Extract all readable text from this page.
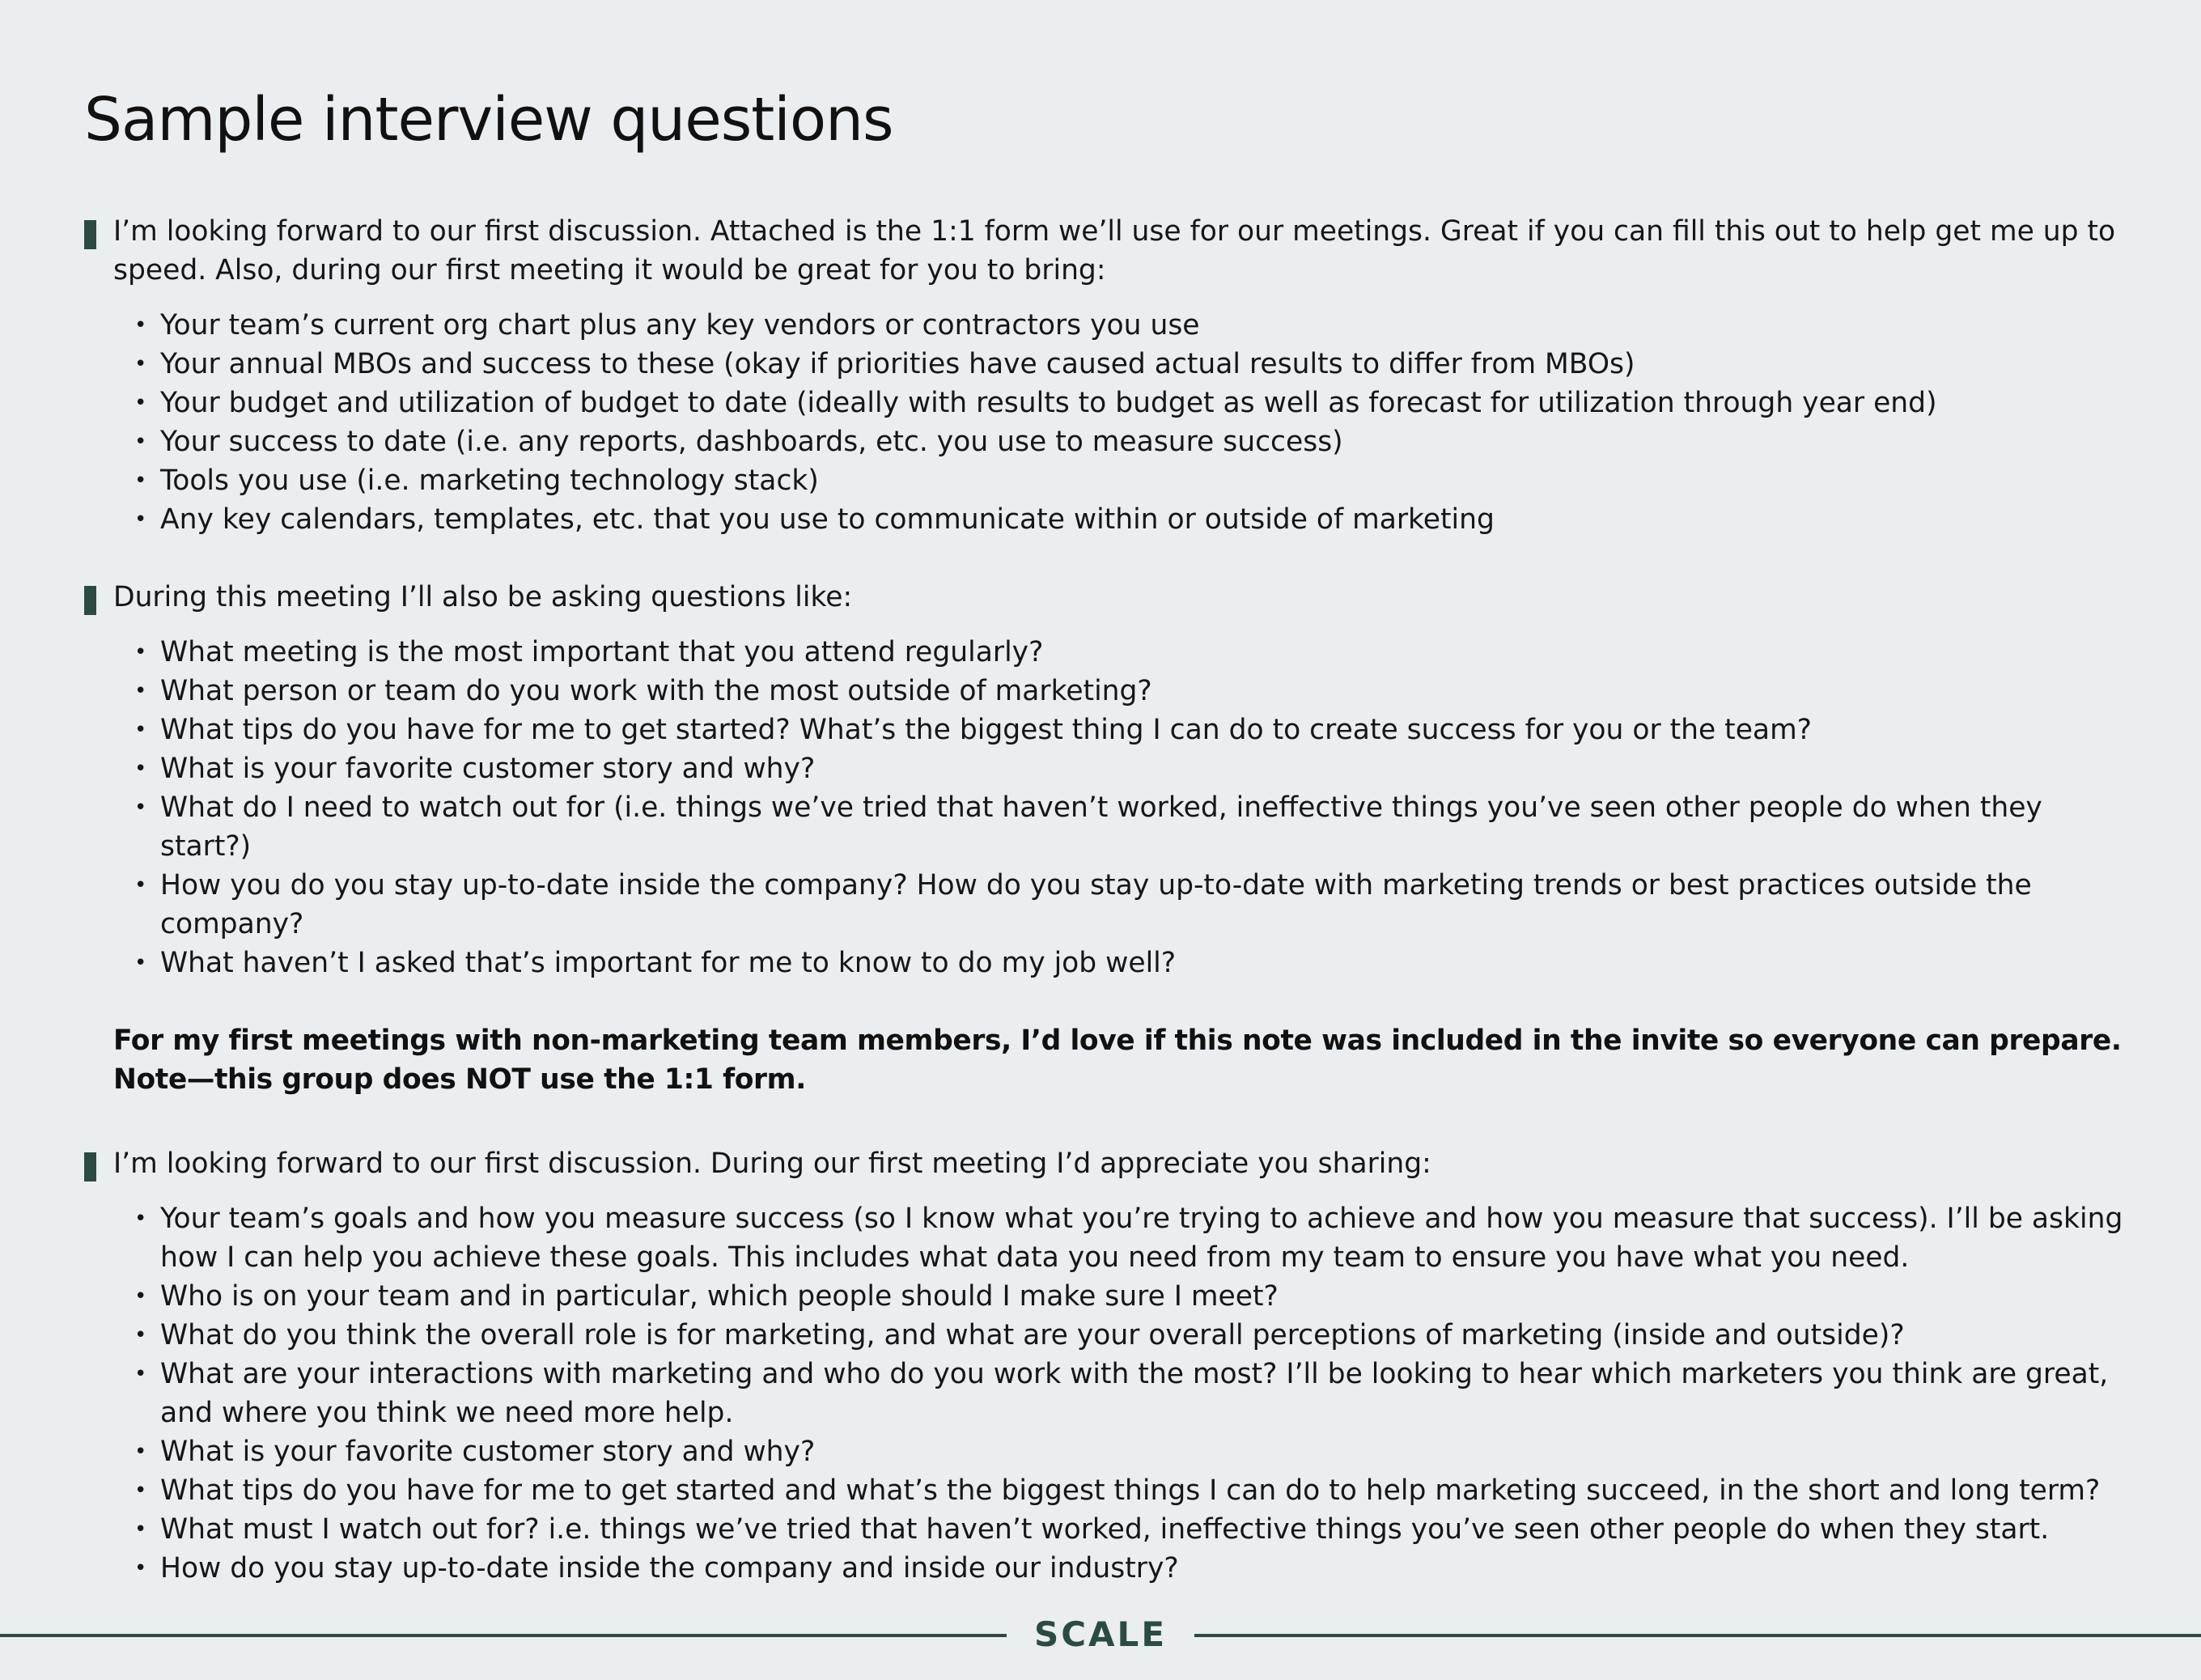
Sample interview questions

I’m looking forward to our first discussion. Attached is the 1:1 form we’ll use for our meetings. Great if you can fill this out to help get me up to speed. Also, during our first meeting it would be great for you to bring:

• Your team’s current org chart plus any key vendors or contractors you use
• Your annual MBOs and success to these (okay if priorities have caused actual results to differ from MBOs)
• Your budget and utilization of budget to date (ideally with results to budget as well as forecast for utilization through year end)
• Your success to date (i.e. any reports, dashboards, etc. you use to measure success)
• Tools you use (i.e. marketing technology stack)
• Any key calendars, templates, etc. that you use to communicate within or outside of marketing

During this meeting I’ll also be asking questions like:

• What meeting is the most important that you attend regularly?
• What person or team do you work with the most outside of marketing?
• What tips do you have for me to get started? What’s the biggest thing I can do to create success for you or the team?
• What is your favorite customer story and why?
• What do I need to watch out for (i.e. things we’ve tried that haven’t worked, ineffective things you’ve seen other people do when they start?)
• How you do you stay up-to-date inside the company? How do you stay up-to-date with marketing trends or best practices outside the company?
• What haven’t I asked that’s important for me to know to do my job well?

For my first meetings with non-marketing team members, I’d love if this note was included in the invite so everyone can prepare. Note—this group does NOT use the 1:1 form.

I’m looking forward to our first discussion. During our first meeting I’d appreciate you sharing:

• Your team’s goals and how you measure success (so I know what you’re trying to achieve and how you measure that success). I’ll be asking how I can help you achieve these goals. This includes what data you need from my team to ensure you have what you need.
• Who is on your team and in particular, which people should I make sure I meet?
• What do you think the overall role is for marketing, and what are your overall perceptions of marketing (inside and outside)?
• What are your interactions with marketing and who do you work with the most? I’ll be looking to hear which marketers you think are great, and where you think we need more help.
• What is your favorite customer story and why?
• What tips do you have for me to get started and what’s the biggest things I can do to help marketing succeed, in the short and long term?
• What must I watch out for? i.e. things we’ve tried that haven’t worked, ineffective things you’ve seen other people do when they start.
• How do you stay up-to-date inside the company and inside our industry?
SCALE
